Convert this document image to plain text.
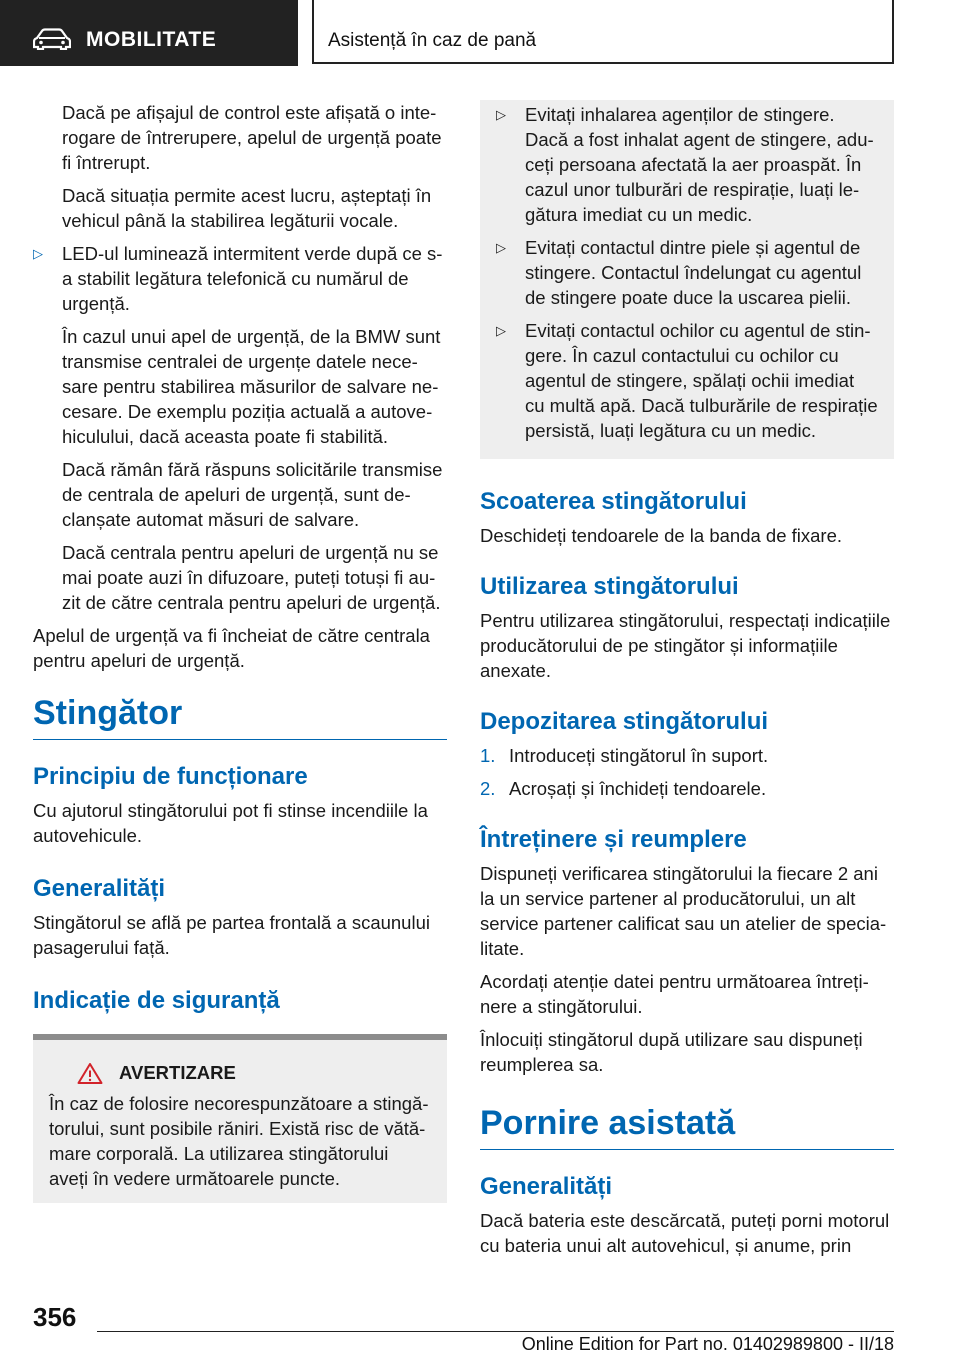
MOBILITATE	Asistență în caz de pană

Dacă pe afișajul de control este afișată o interogare de întrerupere, apelul de urgență poate fi întrerupt.

Dacă situația permite acest lucru, așteptați în vehicul până la stabilirea legăturii vocale.

▷	LED-ul luminează intermitent verde după ce s-a stabilit legătura telefonică cu numărul de urgență.

În cazul unui apel de urgență, de la BMW sunt transmise centralei de urgențe datele necesare pentru stabilirea măsurilor de salvare necesare. De exemplu poziția actuală a autovehiculului, dacă aceasta poate fi stabilită.

Dacă rămân fără răspuns solicitările transmise de centrala de apeluri de urgență, sunt declanșate automat măsuri de salvare.

Dacă centrala pentru apeluri de urgență nu se mai poate auzi în difuzoare, puteți totuși fi auzit de către centrala pentru apeluri de urgență.

Apelul de urgență va fi încheiat de către centrala pentru apeluri de urgență.

Stingător
Principiu de funcționare

Cu ajutorul stingătorului pot fi stinse incendiile la autovehicule.

Generalități

Stingătorul se află pe partea frontală a scaunului pasagerului față.

Indicație de siguranță
AVERTIZARE

În caz de folosire necorespunzătoare a stingătorului, sunt posibile răniri. Există risc de vătămare corporală. La utilizarea stingătorului aveți în vedere următoarele puncte.

▷	Evitați inhalarea agenților de stingere. Dacă a fost inhalat agent de stingere, aduceți persoana afectată la aer proaspăt. În cazul unor tulburări de respirație, luați legătura imediat cu un medic.
▷	Evitați contactul dintre piele și agentul de stingere. Contactul îndelungat cu agentul de stingere poate duce la uscarea pielii.
▷	Evitați contactul ochilor cu agentul de stingere. În cazul contactului cu ochilor cu agentul de stingere, spălați ochii imediat cu multă apă. Dacă tulburările de respirație persistă, luați legătura cu un medic.
Scoaterea stingătorului

Deschideți tendoarele de la banda de fixare.

Utilizarea stingătorului

Pentru utilizarea stingătorului, respectați indicațiile producătorului de pe stingător și informațiile anexate.

Depozitarea stingătorului
1. Introduceți stingătorul în suport.
2. Acroșați și închideți tendoarele.
Întreținere și reumplere

Dispuneți verificarea stingătorului la fiecare 2 ani la un service partener al producătorului, un alt service partener calificat sau un atelier de specialitate.

Acordați atenție datei pentru următoarea întreținere a stingătorului.

Înlocuiți stingătorul după utilizare sau dispuneți reumplerea sa.

Pornire asistată
Generalități

Dacă bateria este descărcată, puteți porni motorul cu bateria unui alt autovehicul, și anume, prin

356
Online Edition for Part no. 01402989800 - II/18
